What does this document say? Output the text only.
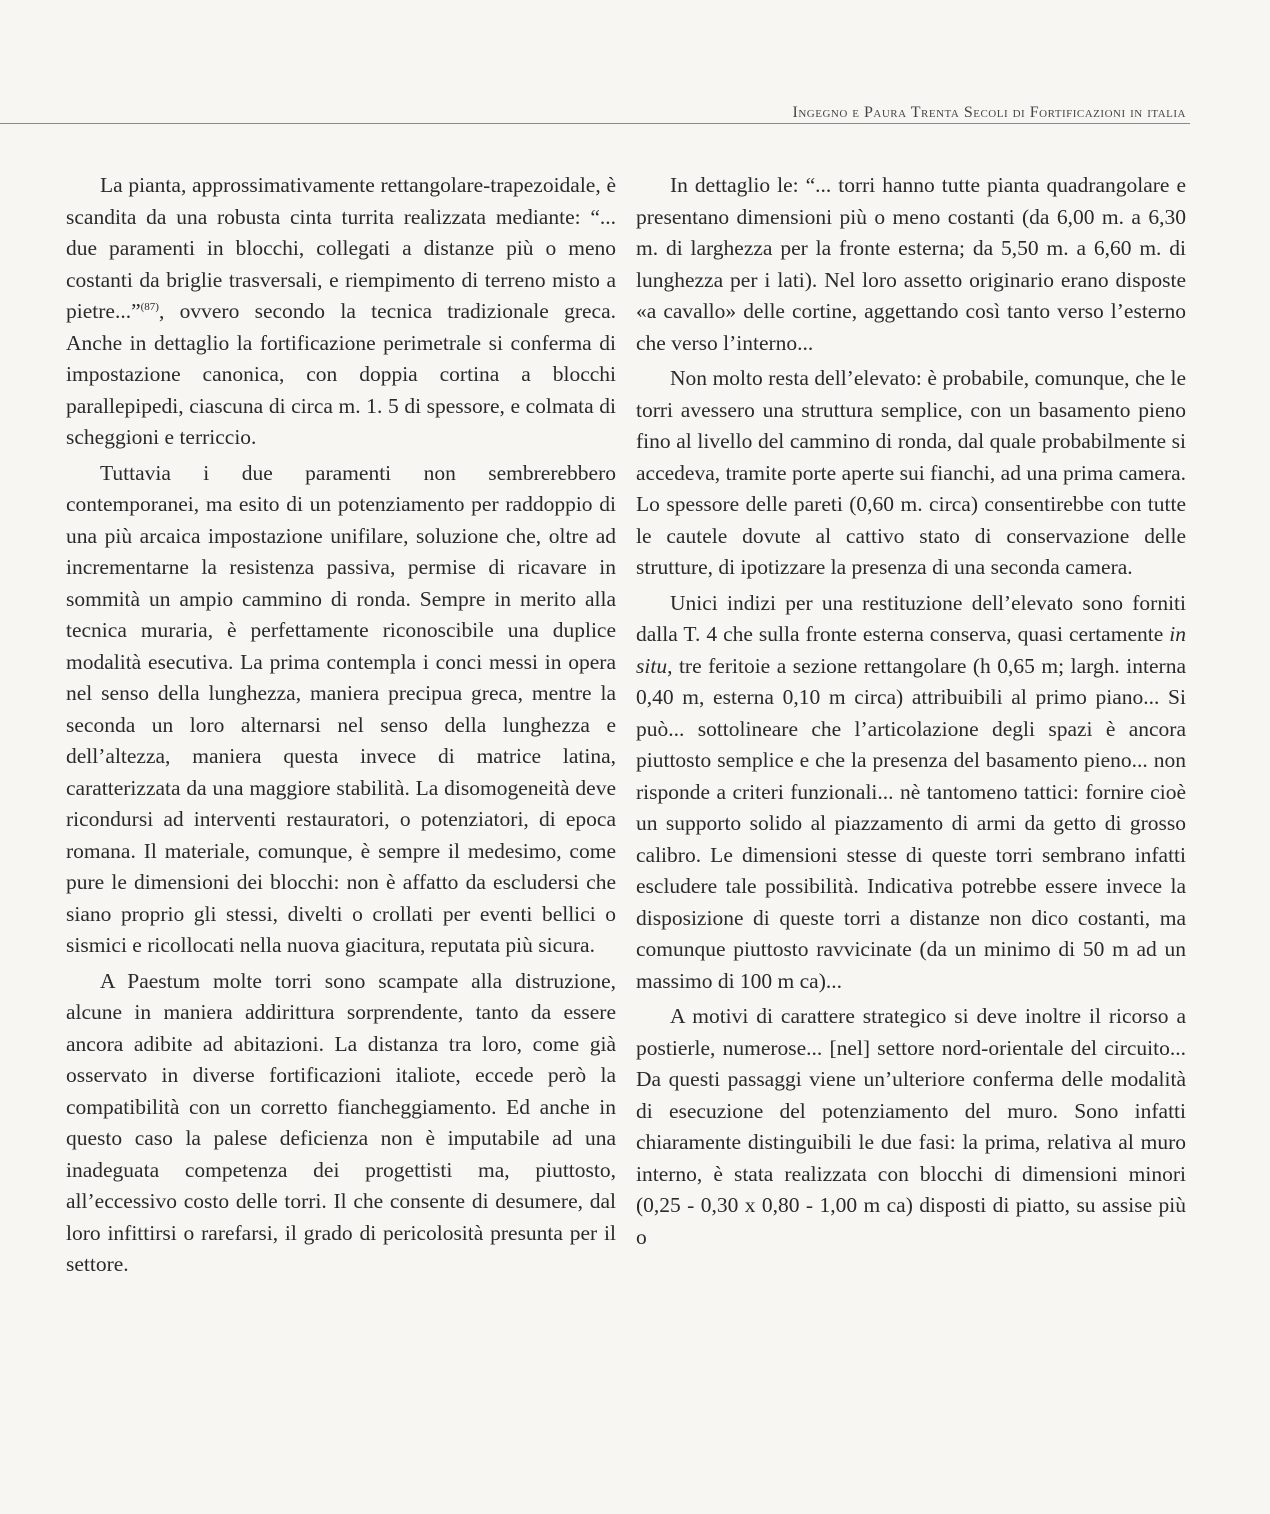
Ingegno e Paura Trenta Secoli di Fortificazioni in italia

La pianta, approssimativamente rettangolare-trapezoidale, è scandita da una robusta cinta turrita realizzata mediante: “... due paramenti in blocchi, collegati a distanze più o meno costanti da briglie trasversali, e riempimento di terreno misto a pietre...”$^{(87)}$, ovvero secondo la tecnica tradizionale greca. Anche in dettaglio la fortificazione perimetrale si conferma di impostazione canonica, con doppia cortina a blocchi parallepipedi, ciascuna di circa m. 1. 5 di spessore, e colmata di scheggioni e terriccio.

Tuttavia i due paramenti non sembrerebbero contemporanei, ma esito di un potenziamento per raddoppio di una più arcaica impostazione unifilare, soluzione che, oltre ad incrementarne la resistenza passiva, permise di ricavare in sommità un ampio cammino di ronda. Sempre in merito alla tecnica muraria, è perfettamente riconoscibile una duplice modalità esecutiva. La prima contempla i conci messi in opera nel senso della lunghezza, maniera precipua greca, mentre la seconda un loro alternarsi nel senso della lunghezza e dell’altezza, maniera questa invece di matrice latina, caratterizzata da una maggiore stabilità. La disomogeneità deve ricondursi ad interventi restauratori, o potenziatori, di epoca romana. Il materiale, comunque, è sempre il medesimo, come pure le dimensioni dei blocchi: non è affatto da escludersi che siano proprio gli stessi, divelti o crollati per eventi bellici o sismici e ricollocati nella nuova giacitura, reputata più sicura.

A Paestum molte torri sono scampate alla distruzione, alcune in maniera addirittura sorprendente, tanto da essere ancora adibite ad abitazioni. La distanza tra loro, come già osservato in diverse fortificazioni italiote, eccede però la compatibilità con un corretto fiancheggiamento. Ed anche in questo caso la palese deficienza non è imputabile ad una inadeguata competenza dei progettisti ma, piuttosto, all’eccessivo costo delle torri. Il che consente di desumere, dal loro infittirsi o rarefarsi, il grado di pericolosità presunta per il settore.

In dettaglio le: “... torri hanno tutte pianta quadrangolare e presentano dimensioni più o meno costanti (da 6,00 m. a 6,30 m. di larghezza per la fronte esterna; da 5,50 m. a 6,60 m. di lunghezza per i lati). Nel loro assetto originario erano disposte «a cavallo» delle cortine, aggettando così tanto verso l’esterno che verso l’interno...

Non molto resta dell’elevato: è probabile, comunque, che le torri avessero una struttura semplice, con un basamento pieno fino al livello del cammino di ronda, dal quale probabilmente si accedeva, tramite porte aperte sui fianchi, ad una prima camera. Lo spessore delle pareti (0,60 m. circa) consentirebbe con tutte le cautele dovute al cattivo stato di conservazione delle strutture, di ipotizzare la presenza di una seconda camera.

Unici indizi per una restituzione dell’elevato sono forniti dalla T. 4 che sulla fronte esterna conserva, quasi certamente in situ, tre feritoie a sezione rettangolare (h 0,65 m; largh. interna 0,40 m, esterna 0,10 m circa) attribuibili al primo piano... Si può... sottolineare che l’articolazione degli spazi è ancora piuttosto semplice e che la presenza del basamento pieno... non risponde a criteri funzionali... nè tantomeno tattici: fornire cioè un supporto solido al piazzamento di armi da getto di grosso calibro. Le dimensioni stesse di queste torri sembrano infatti escludere tale possibilità. Indicativa potrebbe essere invece la disposizione di queste torri a distanze non dico costanti, ma comunque piuttosto ravvicinate (da un minimo di 50 m ad un massimo di 100 m ca)...

A motivi di carattere strategico si deve inoltre il ricorso a postierle, numerose... [nel] settore nord-orientale del circuito... Da questi passaggi viene un’ulteriore conferma delle modalità di esecuzione del potenziamento del muro. Sono infatti chiaramente distinguibili le due fasi: la prima, relativa al muro interno, è stata realizzata con blocchi di dimensioni minori (0,25 - 0,30 x 0,80 - 1,00 m ca) disposti di piatto, su assise più o
